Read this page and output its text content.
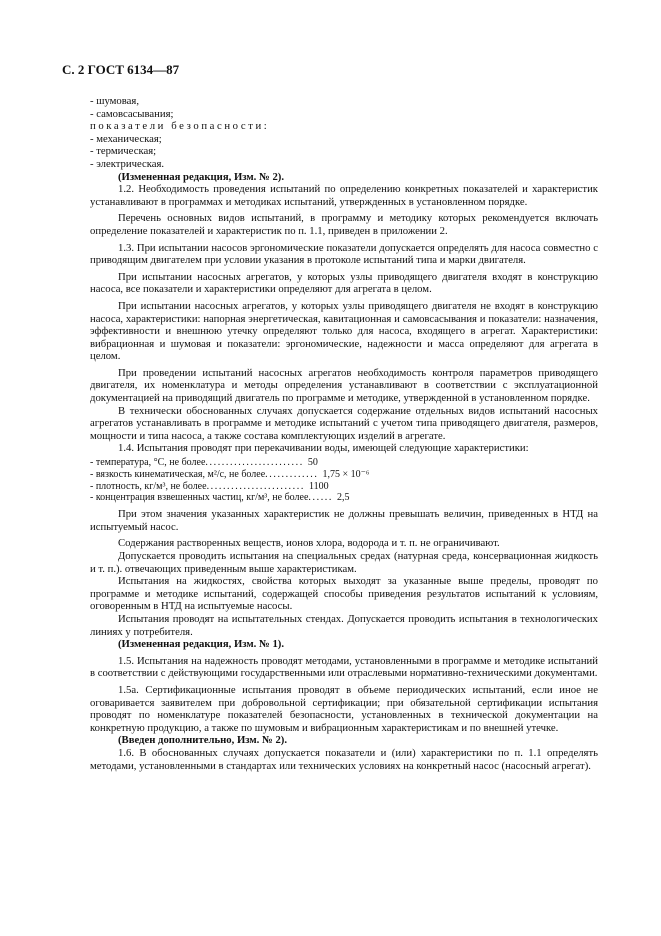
С. 2 ГОСТ 6134—87

- шумовая,

- самовсасывания;

показатели безопасности:

- механическая;

- термическая;

- электрическая.

(Измененная редакция, Изм. № 2).

1.2. Необходимость проведения испытаний по определению конкретных показателей и характеристик устанавливают в программах и методиках испытаний, утвержденных в установленном порядке.

Перечень основных видов испытаний, в программу и методику которых рекомендуется включать определение показателей и характеристик по п. 1.1, приведен в приложении 2.

1.3. При испытании насосов эргономические показатели допускается определять для насоса совместно с приводящим двигателем при условии указания в протоколе испытаний типа и марки двигателя.

При испытании насосных агрегатов, у которых узлы приводящего двигателя входят в конструкцию насоса, все показатели и характеристики определяют для агрегата в целом.

При испытании насосных агрегатов, у которых узлы приводящего двигателя не входят в конструкцию насоса, характеристики: напорная энергетическая, кавитационная и самовсасывания и показатели: назначения, эффективности и внешнюю утечку определяют только для насоса, входящего в агрегат. Характеристики: вибрационная и шумовая и показатели: эргономические, надежности и масса определяют для агрегата в целом.

При проведении испытаний насосных агрегатов необходимость контроля параметров приводящего двигателя, их номенклатура и методы определения устанавливают в соответствии с эксплуатационной документацией на приводящий двигатель по программе и методике, утвержденной в установленном порядке.

В технически обоснованных случаях допускается содержание отдельных видов испытаний насосных агрегатов устанавливать в программе и методике испытаний с учетом типа приводящего двигателя, размеров, мощности и типа насоса, а также состава комплектующих изделий в агрегате.

1.4. Испытания проводят при перекачивании воды, имеющей следующие характеристики:

- температура, °С, не более ........................ 50
- вязкость кинематическая, м²/с, не более ............. 1,75 × 10⁻⁶
- плотность, кг/м³, не более ........................ 1100
- концентрация взвешенных частиц, кг/м³, не более ...... 2,5

При этом значения указанных характеристик не должны превышать величин, приведенных в НТД на испытуемый насос.

Содержания растворенных веществ, ионов хлора, водорода и т. п. не ограничивают.

Допускается проводить испытания на специальных средах (натурная среда, консервационная жидкость и т. п.). отвечающих приведенным выше характеристикам.

Испытания на жидкостях, свойства которых выходят за указанные выше пределы, проводят по программе и методике испытаний, содержащей способы приведения результатов испытаний к условиям, оговоренным в НТД на испытуемые насосы.

Испытания проводят на испытательных стендах. Допускается проводить испытания в технологических линиях у потребителя.

(Измененная редакция, Изм. № 1).

1.5. Испытания на надежность проводят методами, установленными в программе и методике испытаний в соответствии с действующими государственными или отраслевыми нормативно-техническими документами.

1.5а. Сертификационные испытания проводят в объеме периодических испытаний, если иное не оговаривается заявителем при добровольной сертификации; при обязательной сертификации испытания проводят по номенклатуре показателей безопасности, установленных в технической документации на конкретную продукцию, а также по шумовым и вибрационным характеристикам и по внешней утечке.

(Введен дополнительно, Изм. № 2).

1.6. В обоснованных случаях допускается показатели и (или) характеристики по п. 1.1 определять методами, установленными в стандартах или технических условиях на конкретный насос (насосный агрегат).
